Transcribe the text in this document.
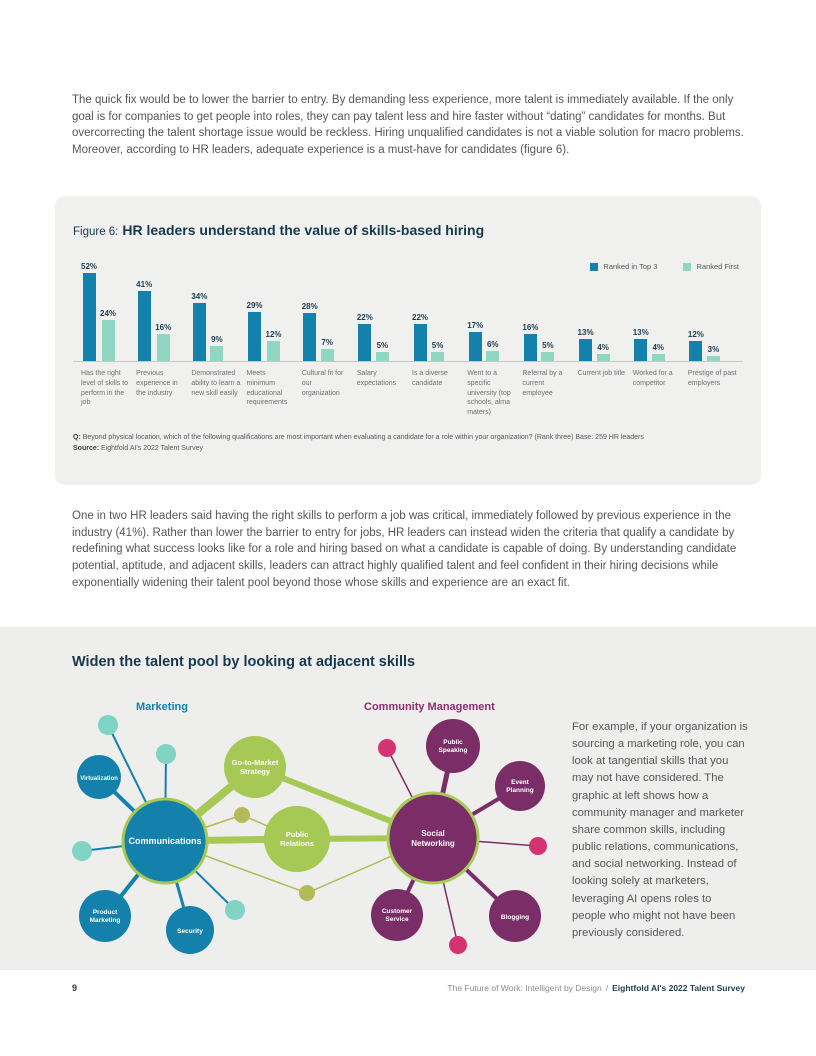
The quick fix would be to lower the barrier to entry. By demanding less experience, more talent is immediately available. If the only goal is for companies to get people into roles, they can pay talent less and hire faster without “dating” candidates for months. But overcorrecting the talent shortage issue would be reckless. Hiring unqualified candidates is not a viable solution for macro problems. Moreover, according to HR leaders, adequate experience is a must-have for candidates (figure 6).

Figure 6: HR leaders understand the value of skills-based hiring
Ranked in Top 3	Ranked First
52%
24%
41%
16%
34%
9%
29%
12%
28%
7%
22%
5%
22%
5%
17%
6%
16%
5%
13%
4%
13%
4%
12%
3%
Has the right level of skills to perform in the job
Previous experience in the industry
Demonstrated ability to learn a new skill easily
Meets minimum educational requirements
Cultural fit for our organization
Salary expectations
Is a diverse candidate
Went to a specific university (top schools, alma maters)
Referral by a current employee
Current job title	Worked for a competitor
Prestige of past employers
Q: Beyond physical location, which of the following qualifications are most important when evaluating a candidate for a role within your organization? (Rank three) Base: 259 HR leaders
Source: Eightfold AI's 2022 Talent Survey

One in two HR leaders said having the right skills to perform a job was critical, immediately followed by previous experience in the industry (41%). Rather than lower the barrier to entry for jobs, HR leaders can instead widen the criteria that qualify a candidate by redefining what success looks like for a role and hiring based on what a candidate is capable of doing. By understanding candidate potential, aptitude, and adjacent skills, leaders can attract highly qualified talent and feel confident in their hiring decisions while exponentially widening their talent pool beyond those whose skills and experience are an exact fit.

Widen the talent pool by looking at adjacent skills
Marketing	Community Management
Communications
Virtualization
Product
Marketing
Security
Go-to-Market
Strategy
Public
Relations
Social
Networking
Public
Speaking
Event
Planning
Customer
Service	Blogging

For example, if your organization is sourcing a marketing role, you can look at tangential skills that you may not have considered. The graphic at left shows how a community manager and marketer share common skills, including public relations, communications, and social networking. Instead of looking solely at marketers, leveraging AI opens roles to people who might not have been previously considered.

9	The Future of Work: Intelligent by Design / Eightfold AI's 2022 Talent Survey
